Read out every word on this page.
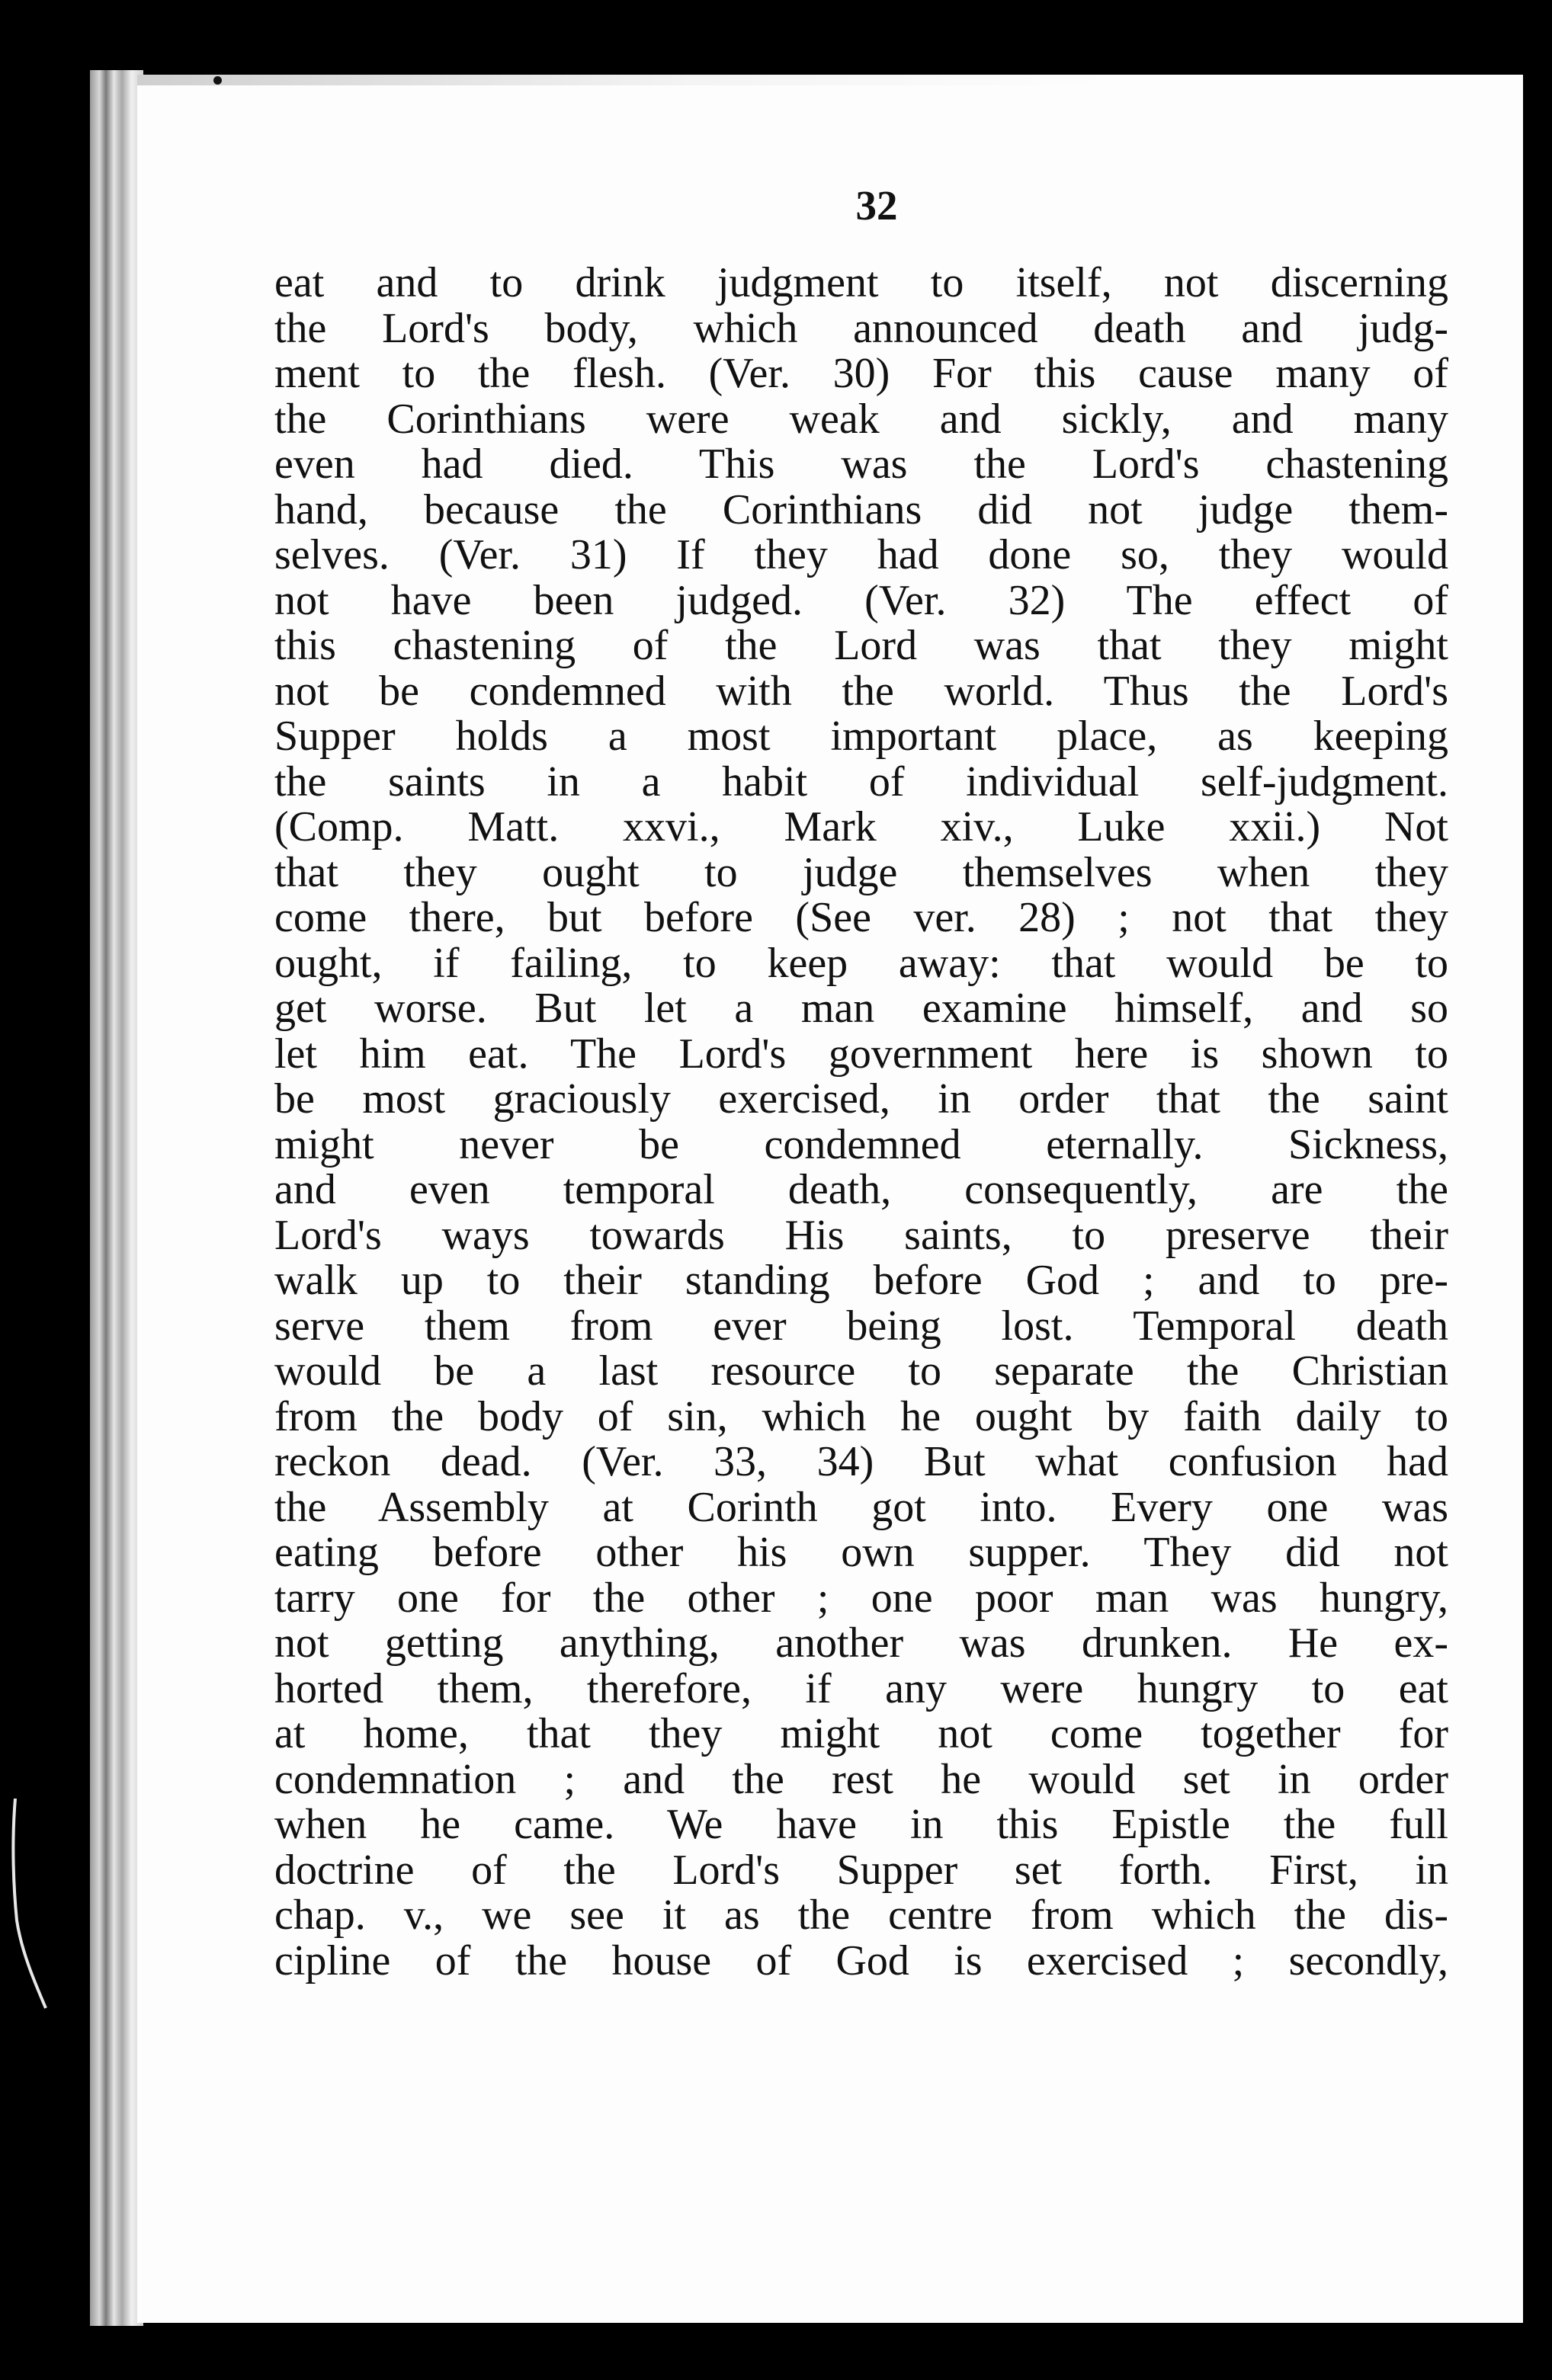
32
eat and to drink judgment to itself, not discerning
the Lord's body, which announced death and judg-
ment to the flesh. (Ver. 30) For this cause many of
the Corinthians were weak and sickly, and many
even had died. This was the Lord's chastening
hand, because the Corinthians did not judge them-
selves. (Ver. 31) If they had done so, they would
not have been judged. (Ver. 32) The effect of
this chastening of the Lord was that they might
not be condemned with the world. Thus the Lord's
Supper holds a most important place, as keeping
the saints in a habit of individual self-judgment.
(Comp. Matt. xxvi., Mark xiv., Luke xxii.) Not
that they ought to judge themselves when they
come there, but before (See ver. 28) ; not that they
ought, if failing, to keep away: that would be to
get worse. But let a man examine himself, and so
let him eat. The Lord's government here is shown to
be most graciously exercised, in order that the saint
might never be condemned eternally. Sickness,
and even temporal death, consequently, are the
Lord's ways towards His saints, to preserve their
walk up to their standing before God ; and to pre-
serve them from ever being lost. Temporal death
would be a last resource to separate the Christian
from the body of sin, which he ought by faith daily to
reckon dead. (Ver. 33, 34) But what confusion had
the Assembly at Corinth got into. Every one was
eating before other his own supper. They did not
tarry one for the other ; one poor man was hungry,
not getting anything, another was drunken. He ex-
horted them, therefore, if any were hungry to eat
at home, that they might not come together for
condemnation ; and the rest he would set in order
when he came. We have in this Epistle the full
doctrine of the Lord's Supper set forth. First, in
chap. v., we see it as the centre from which the dis-
cipline of the house of God is exercised ; secondly,
